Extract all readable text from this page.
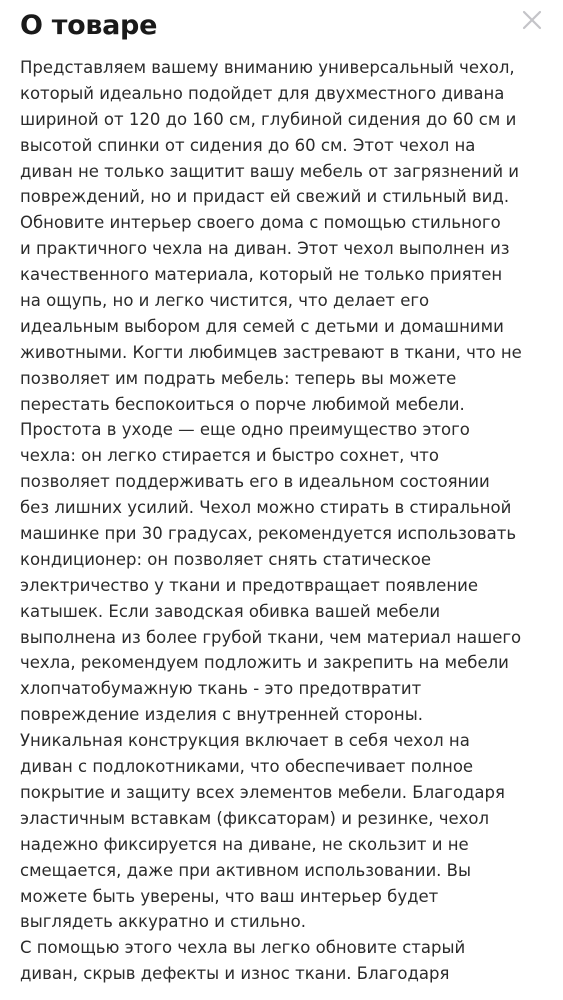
О товаре
Представляем вашему вниманию универсальный чехол,
который идеально подойдет для двухместного дивана
шириной от 120 до 160 см, глубиной сидения до 60 см и
высотой спинки от сидения до 60 см. Этот чехол на
диван не только защитит вашу мебель от загрязнений и
повреждений, но и придаст ей свежий и стильный вид.
Обновите интерьер своего дома с помощью стильного
и практичного чехла на диван. Этот чехол выполнен из
качественного материала, который не только приятен
на ощупь, но и легко чистится, что делает его
идеальным выбором для семей с детьми и домашними
животными. Когти любимцев застревают в ткани, что не
позволяет им подрать мебель: теперь вы можете
перестать беспокоиться о порче любимой мебели.
Простота в уходе — еще одно преимущество этого
чехла: он легко стирается и быстро сохнет, что
позволяет поддерживать его в идеальном состоянии
без лишних усилий. Чехол можно стирать в стиральной
машинке при 30 градусах, рекомендуется использовать
кондиционер: он позволяет снять статическое
электричество у ткани и предотвращает появление
катышек. Если заводская обивка вашей мебели
выполнена из более грубой ткани, чем материал нашего
чехла, рекомендуем подложить и закрепить на мебели
хлопчатобумажную ткань - это предотвратит
повреждение изделия с внутренней стороны.
Уникальная конструкция включает в себя чехол на
диван с подлокотниками, что обеспечивает полное
покрытие и защиту всех элементов мебели. Благодаря
эластичным вставкам (фиксаторам) и резинке, чехол
надежно фиксируется на диване, не скользит и не
смещается, даже при активном использовании. Вы
можете быть уверены, что ваш интерьер будет
выглядеть аккуратно и стильно.
С помощью этого чехла вы легко обновите старый
диван, скрыв дефекты и износ ткани. Благодаря
